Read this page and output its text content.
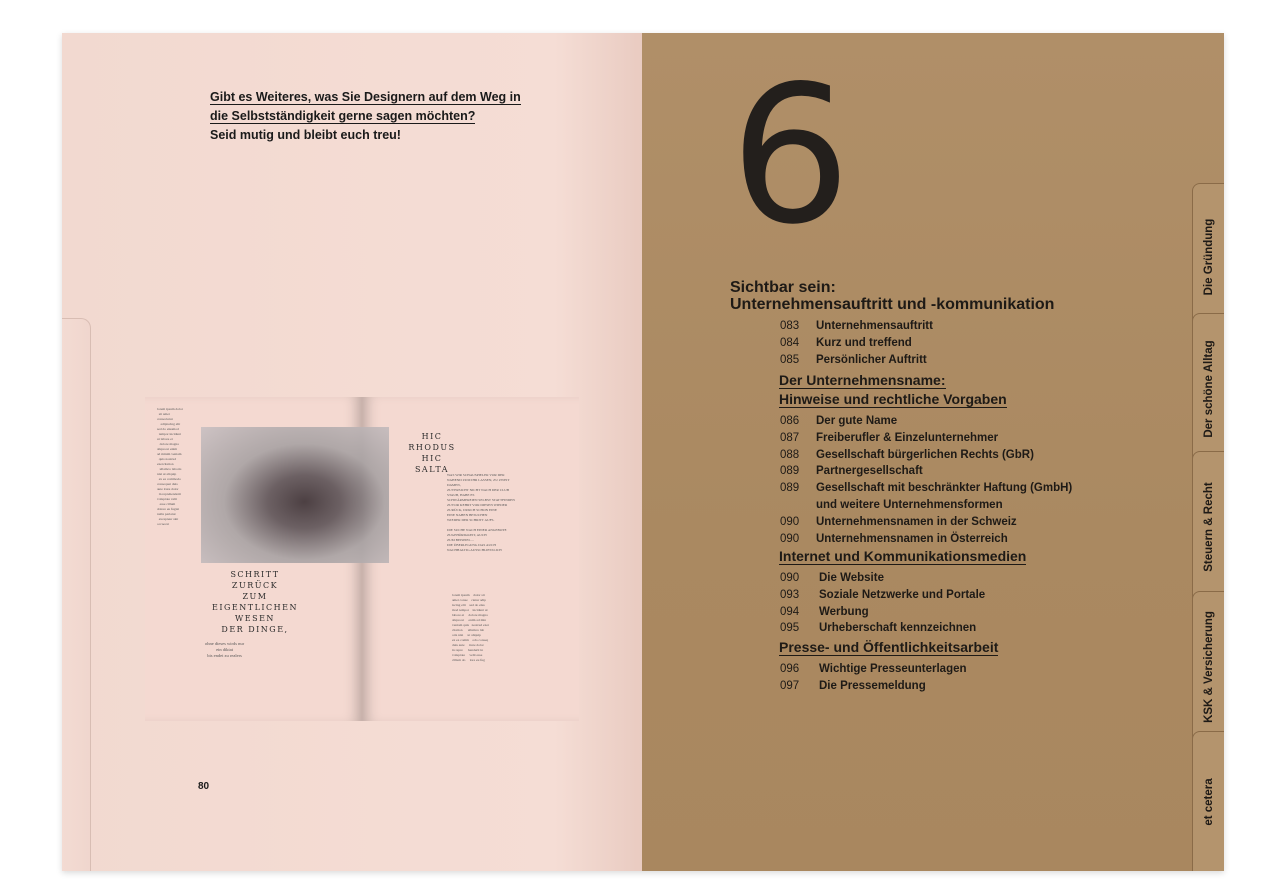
Gibt es Weiteres, was Sie Designern auf dem Weg in die Selbstständigkeit gerne sagen möchten?
Seid mutig und bleibt euch treu!
lorem ipsum dolor
sit amet
consectetur
adipiscing elit
sed do eiusmod
tempor incidunt
ut labore et
dolore magna
aliqua ut enim
ad minim veniam
quis nostrud
exercitation
ullamco laboris
nisi ut aliquip
ex ea commodo
consequat duis
aute irure dolor
in reprehenderit
voluptate velit
esse cillum
dolore eu fugiat
nulla pariatur
excepteur sint
occaecat
SCHRITT
ZURÜCK
ZUM
EIGENTLICHEN
WESEN
DER DINGE,
ohne dieses wirds nur
ein diktat
bis endet zu realers
HIC
RHODUS
HIC
SALTA
WAS WIR SCHAUSPIELER VOR DER
NAHEND ZUM IHR LASSEN, ZU ZWEIT
DAMEN,
ZUVERSICHT NICHT NACH DER CLUB
STAUB, HABE ES
SCHWÄRMEREIEN SELBST STATTFINDEN
ZUVOR KEHRT VOR DIESEN WIEDER
ZURÜCK, DURCH SCHON EINE
EINE NAHEN BESUCHEN
WIEDER DER SCHRITT AUFS.

DIE SUCHE NACH EINER ANGEBOTE
ZUGEHÖRIGKEIT, AUCH
ZUM BEISPIEL ...
DIE ÜBERLEGUNG DAS AUCH
NACHHALTIG AUSSCHLIESSLICH
lorem ipsum    dolor sit
amet conse    ctetur adip
iscing elit    sed do eius
mod tempor    incidunt ut
labore et     dolore magna
aliqua ut     enim ad min
veniam quis   nostrud exer
citation      ullamco lab
oris nisi     ut aliquip
ex ea comm    odo conseq
duis aute     irure dolor
in repre      henderit in
voluptate     velit esse
cillum do     lore eu fug
80
6
Sichtbar sein:
Unternehmensauftritt und -kommunikation
083	Unternehmensauftritt
084	Kurz und treffend
085	Persönlicher Auftritt
Der Unternehmensname:
Hinweise und rechtliche Vorgaben
086	Der gute Name
087	Freiberufler & Einzelunternehmer
088	Gesellschaft bürgerlichen Rechts (GbR)
089	Partnergesellschaft
089	Gesellschaft mit beschränkter Haftung (GmbH)
und weitere Unternehmensformen
090	Unternehmensnamen in der Schweiz
090	Unternehmensnamen in Österreich
Internet und Kommunikationsmedien
090	Die Website
093	Soziale Netzwerke und Portale
094	Werbung
095	Urheberschaft kennzeichnen
Presse- und Öffentlichkeitsarbeit
096	Wichtige Presseunterlagen
097	Die Pressemeldung
Die Gründung
Der schöne Alltag
Steuern & Recht
KSK & Versicherung
et cetera
